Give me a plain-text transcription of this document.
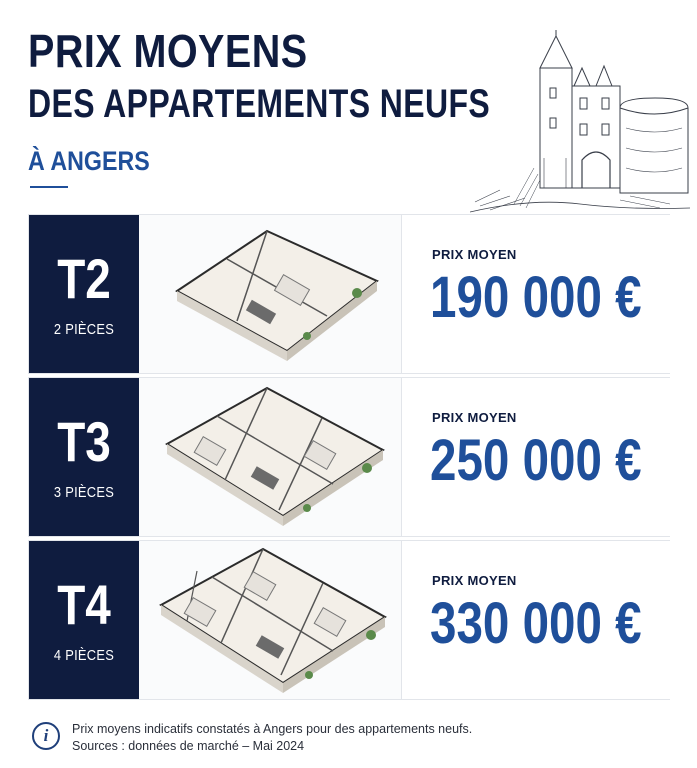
PRIX MOYENS
DES APPARTEMENTS NEUFS
À ANGERS
T2
2 PIÈCES
PRIX MOYEN
190 000 €
T3
3 PIÈCES
PRIX MOYEN
250 000 €
T4
4 PIÈCES
PRIX MOYEN
330 000 €
i	Prix moyens indicatifs constatés à Angers pour des appartements neufs.
Sources : données de marché – Mai 2024
